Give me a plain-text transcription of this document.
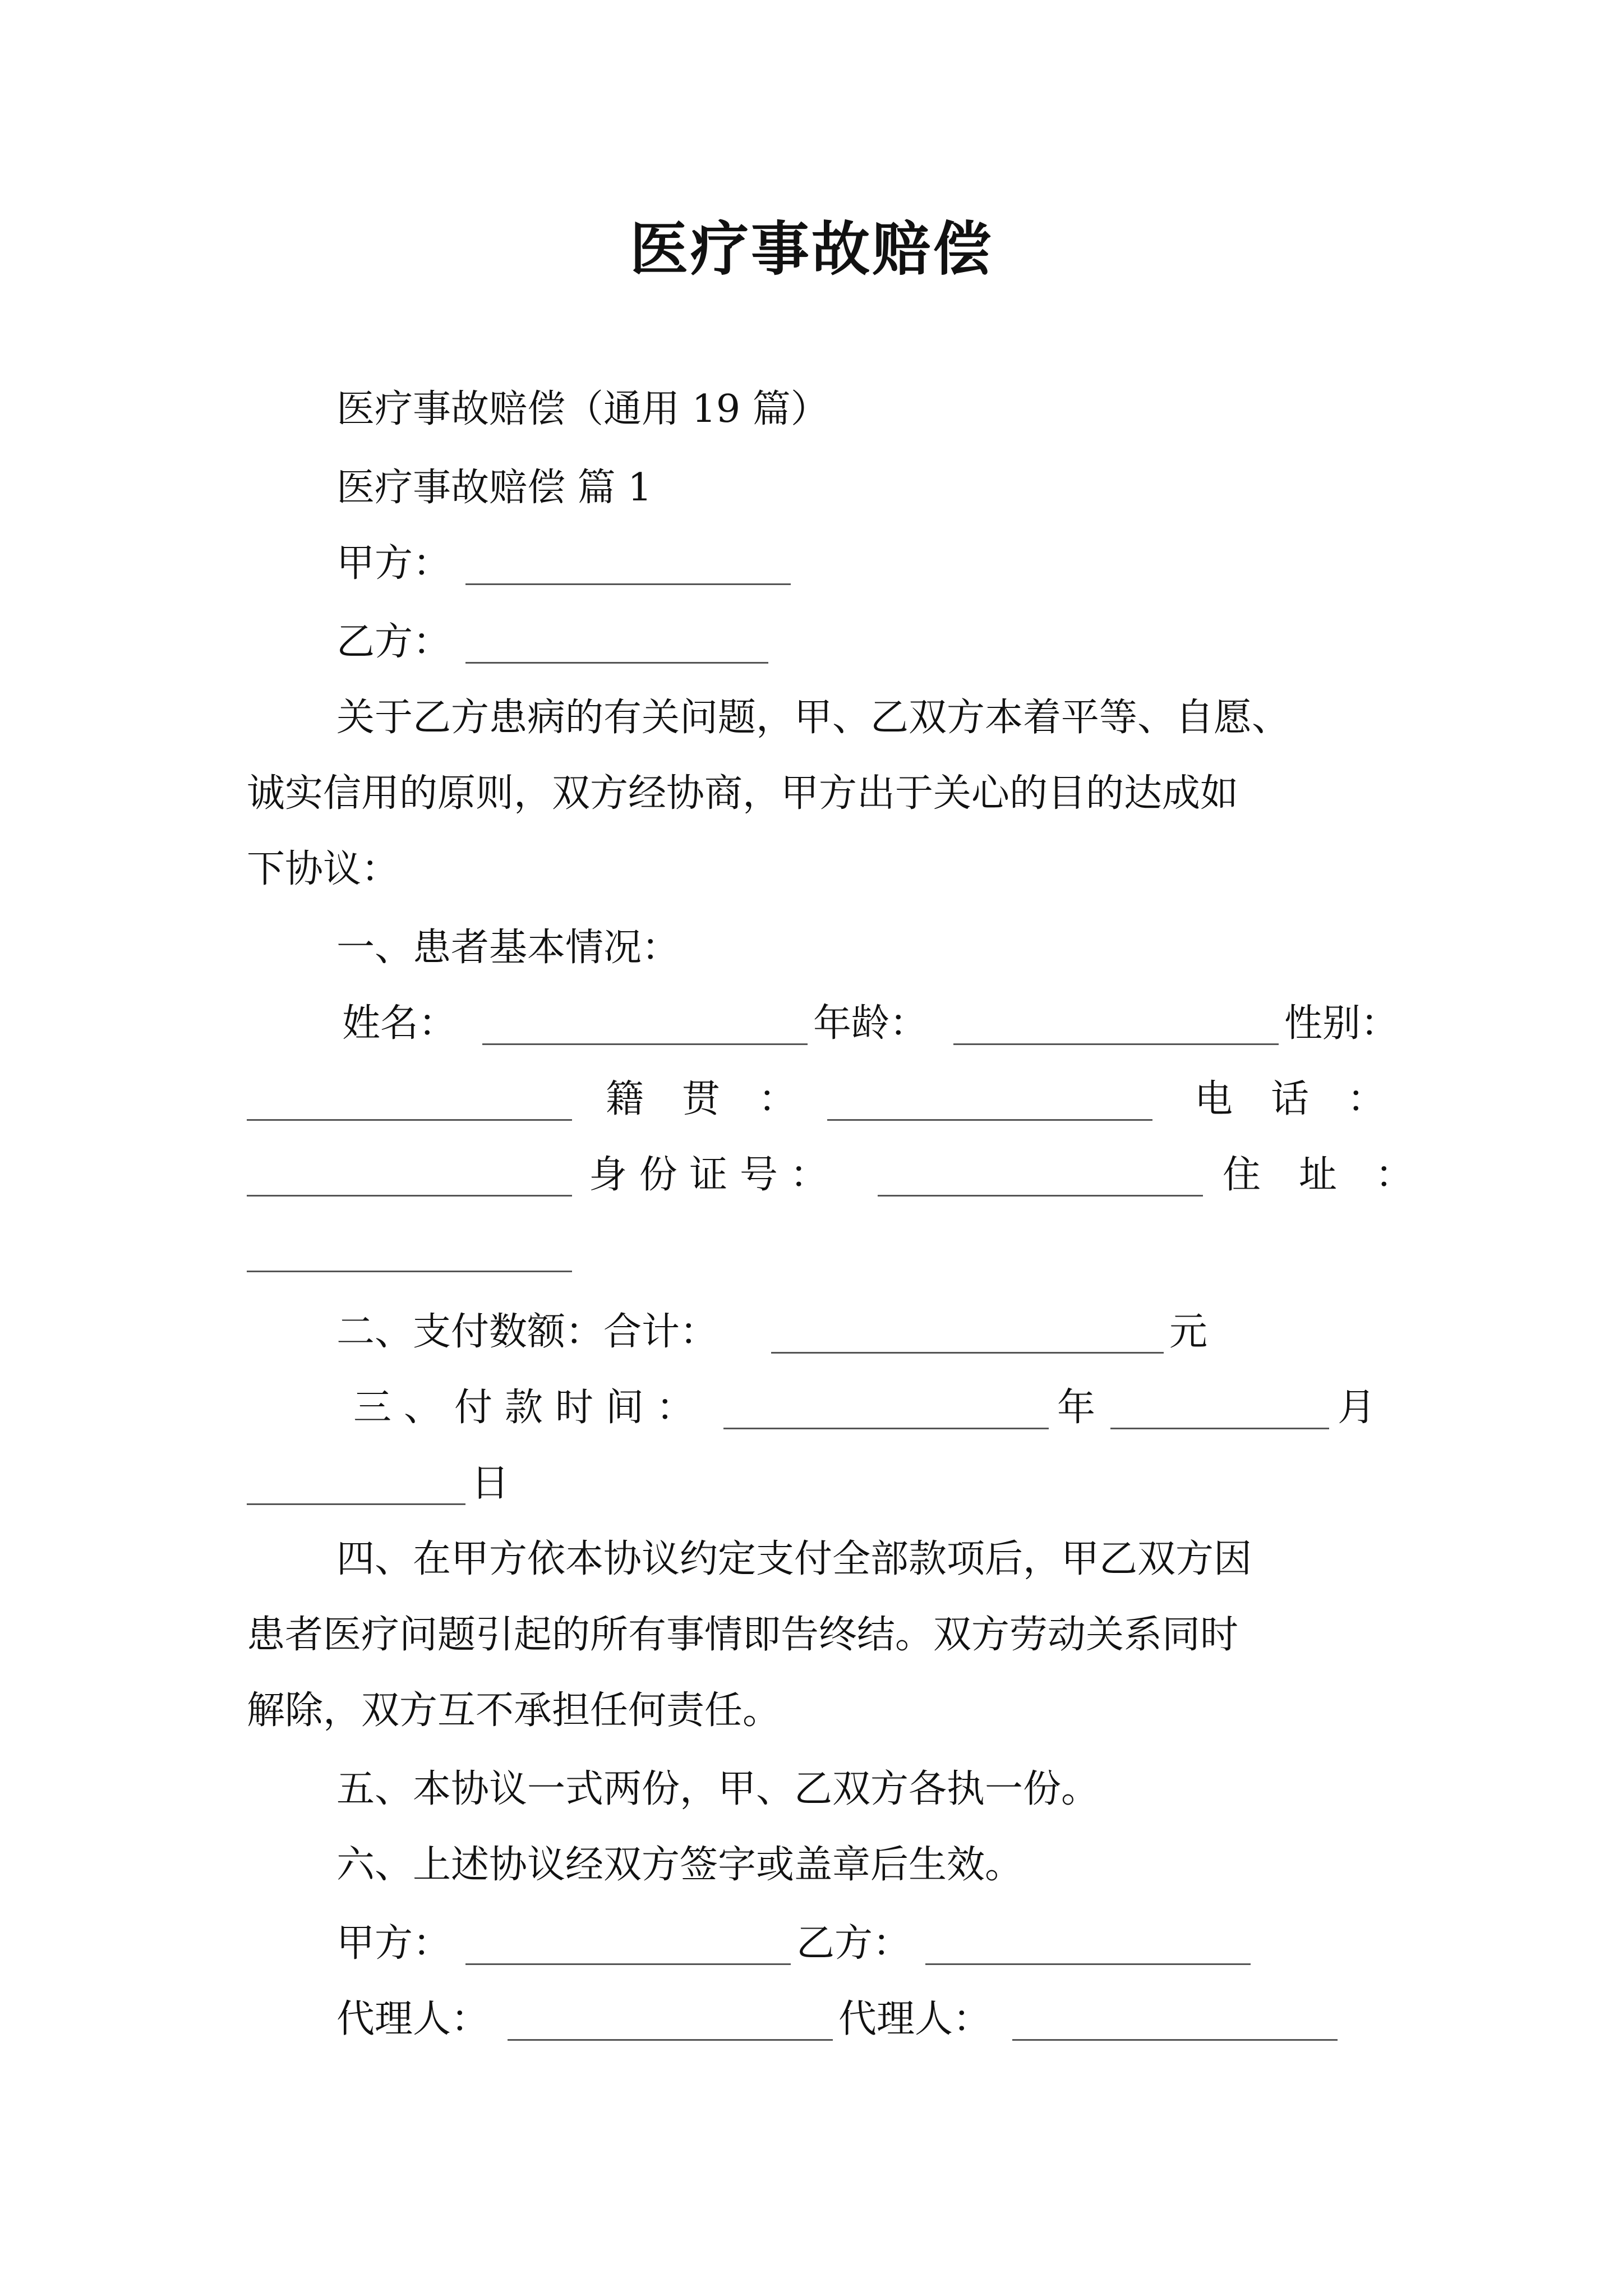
医疗事故赔偿
医疗事故赔偿（通用 19 篇）
医疗事故赔偿 篇 1
甲方：
乙方：
关于乙方患病的有关问题，甲、乙双方本着平等、自愿、
诚实信用的原则，双方经协商，甲方出于关心的目的达成如
下协议：
一、患者基本情况：
姓名：	年龄：	性别：
籍　贯　：	电　话　：
身 份 证 号 ：	住　址　：
二、支付数额：合计：	元
三、付款时间：	年	月
日
四、在甲方依本协议约定支付全部款项后，甲乙双方因
患者医疗问题引起的所有事情即告终结。双方劳动关系同时
解除，双方互不承担任何责任。
五、本协议一式两份，甲、乙双方各执一份。
六、上述协议经双方签字或盖章后生效。
甲方：	乙方：
代理人：	代理人：
